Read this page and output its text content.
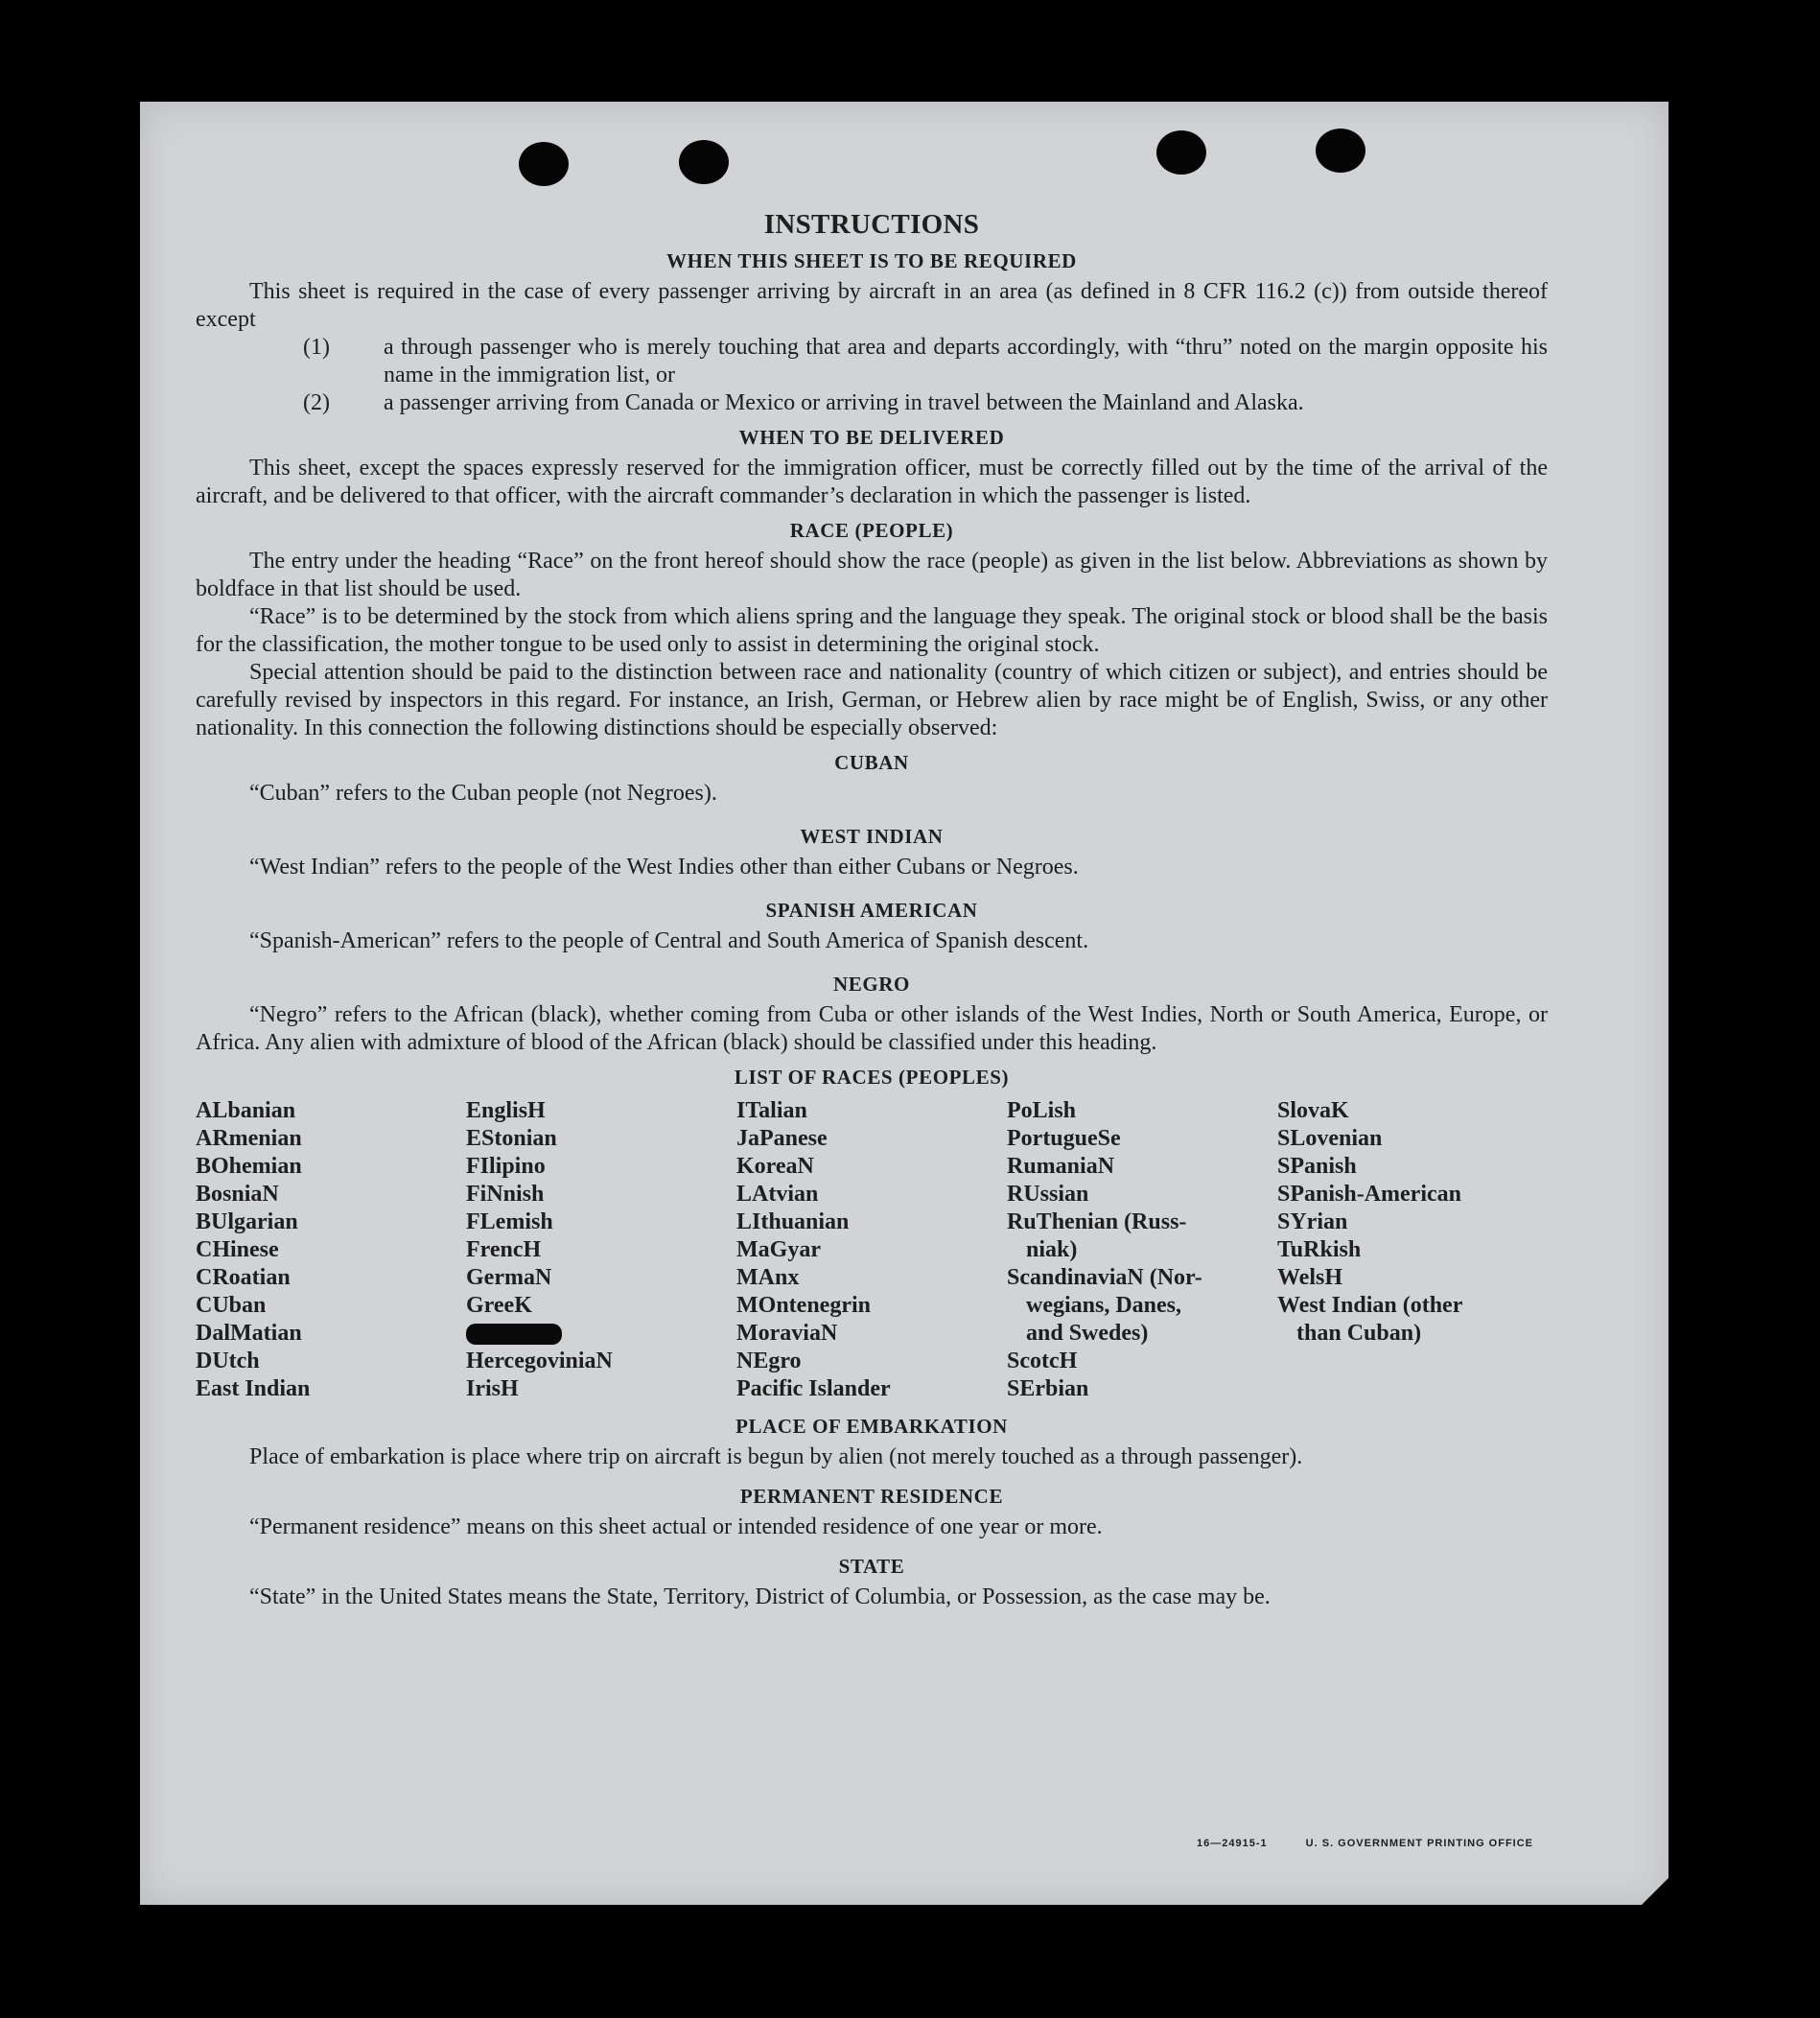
INSTRUCTIONS
WHEN THIS SHEET IS TO BE REQUIRED

This sheet is required in the case of every passenger arriving by aircraft in an area (as defined in 8 CFR 116.2 (c)) from outside thereof except

(1)	a through passenger who is merely touching that area and departs accordingly, with “thru” noted on the margin opposite his name in the immigration list, or
(2)	a passenger arriving from Canada or Mexico or arriving in travel between the Mainland and Alaska.
WHEN TO BE DELIVERED

This sheet, except the spaces expressly reserved for the immigration officer, must be correctly filled out by the time of the arrival of the aircraft, and be delivered to that officer, with the aircraft commander’s declaration in which the passenger is listed.

RACE (PEOPLE)

The entry under the heading “Race” on the front hereof should show the race (people) as given in the list below. Abbreviations as shown by boldface in that list should be used.

“Race” is to be determined by the stock from which aliens spring and the language they speak. The original stock or blood shall be the basis for the classification, the mother tongue to be used only to assist in determining the original stock.

Special attention should be paid to the distinction between race and nationality (country of which citizen or subject), and entries should be carefully revised by inspectors in this regard. For instance, an Irish, German, or Hebrew alien by race might be of English, Swiss, or any other nationality. In this connection the following distinctions should be especially observed:

CUBAN

“Cuban” refers to the Cuban people (not Negroes).

WEST INDIAN

“West Indian” refers to the people of the West Indies other than either Cubans or Negroes.

SPANISH AMERICAN

“Spanish-American” refers to the people of Central and South America of Spanish descent.

NEGRO

“Negro” refers to the African (black), whether coming from Cuba or other islands of the West Indies, North or South America, Europe, or Africa. Any alien with admixture of blood of the African (black) should be classified under this heading.

LIST OF RACES (PEOPLES)
ALbanian
ARmenian
BOhemian
BosniaN
BUlgarian
CHinese
CRoatian
CUban
DalMatian
DUtch
East Indian
EnglisH
EStonian
FIlipino
FiNnish
FLemish
FrencH
GermaN
GreeK
HercegoviniaN
IrisH
ITalian
JaPanese
KoreaN
LAtvian
LIthuanian
MaGyar
MAnx
MOntenegrin
MoraviaN
NEgro
Pacific Islander
PoLish
PortugueSe
RumaniaN
RUssian
RuThenian (Russ-
niak)
ScandinaviaN (Nor-
wegians, Danes,
and Swedes)
ScotcH
SErbian
SlovaK
SLovenian
SPanish
SPanish-American
SYrian
TuRkish
WelsH
West Indian (other
than Cuban)
PLACE OF EMBARKATION

Place of embarkation is place where trip on aircraft is begun by alien (not merely touched as a through passenger).

PERMANENT RESIDENCE

“Permanent residence” means on this sheet actual or intended residence of one year or more.

STATE

“State” in the United States means the State, Territory, District of Columbia, or Possession, as the case may be.

16—24915-1	U. S. GOVERNMENT PRINTING OFFICE
